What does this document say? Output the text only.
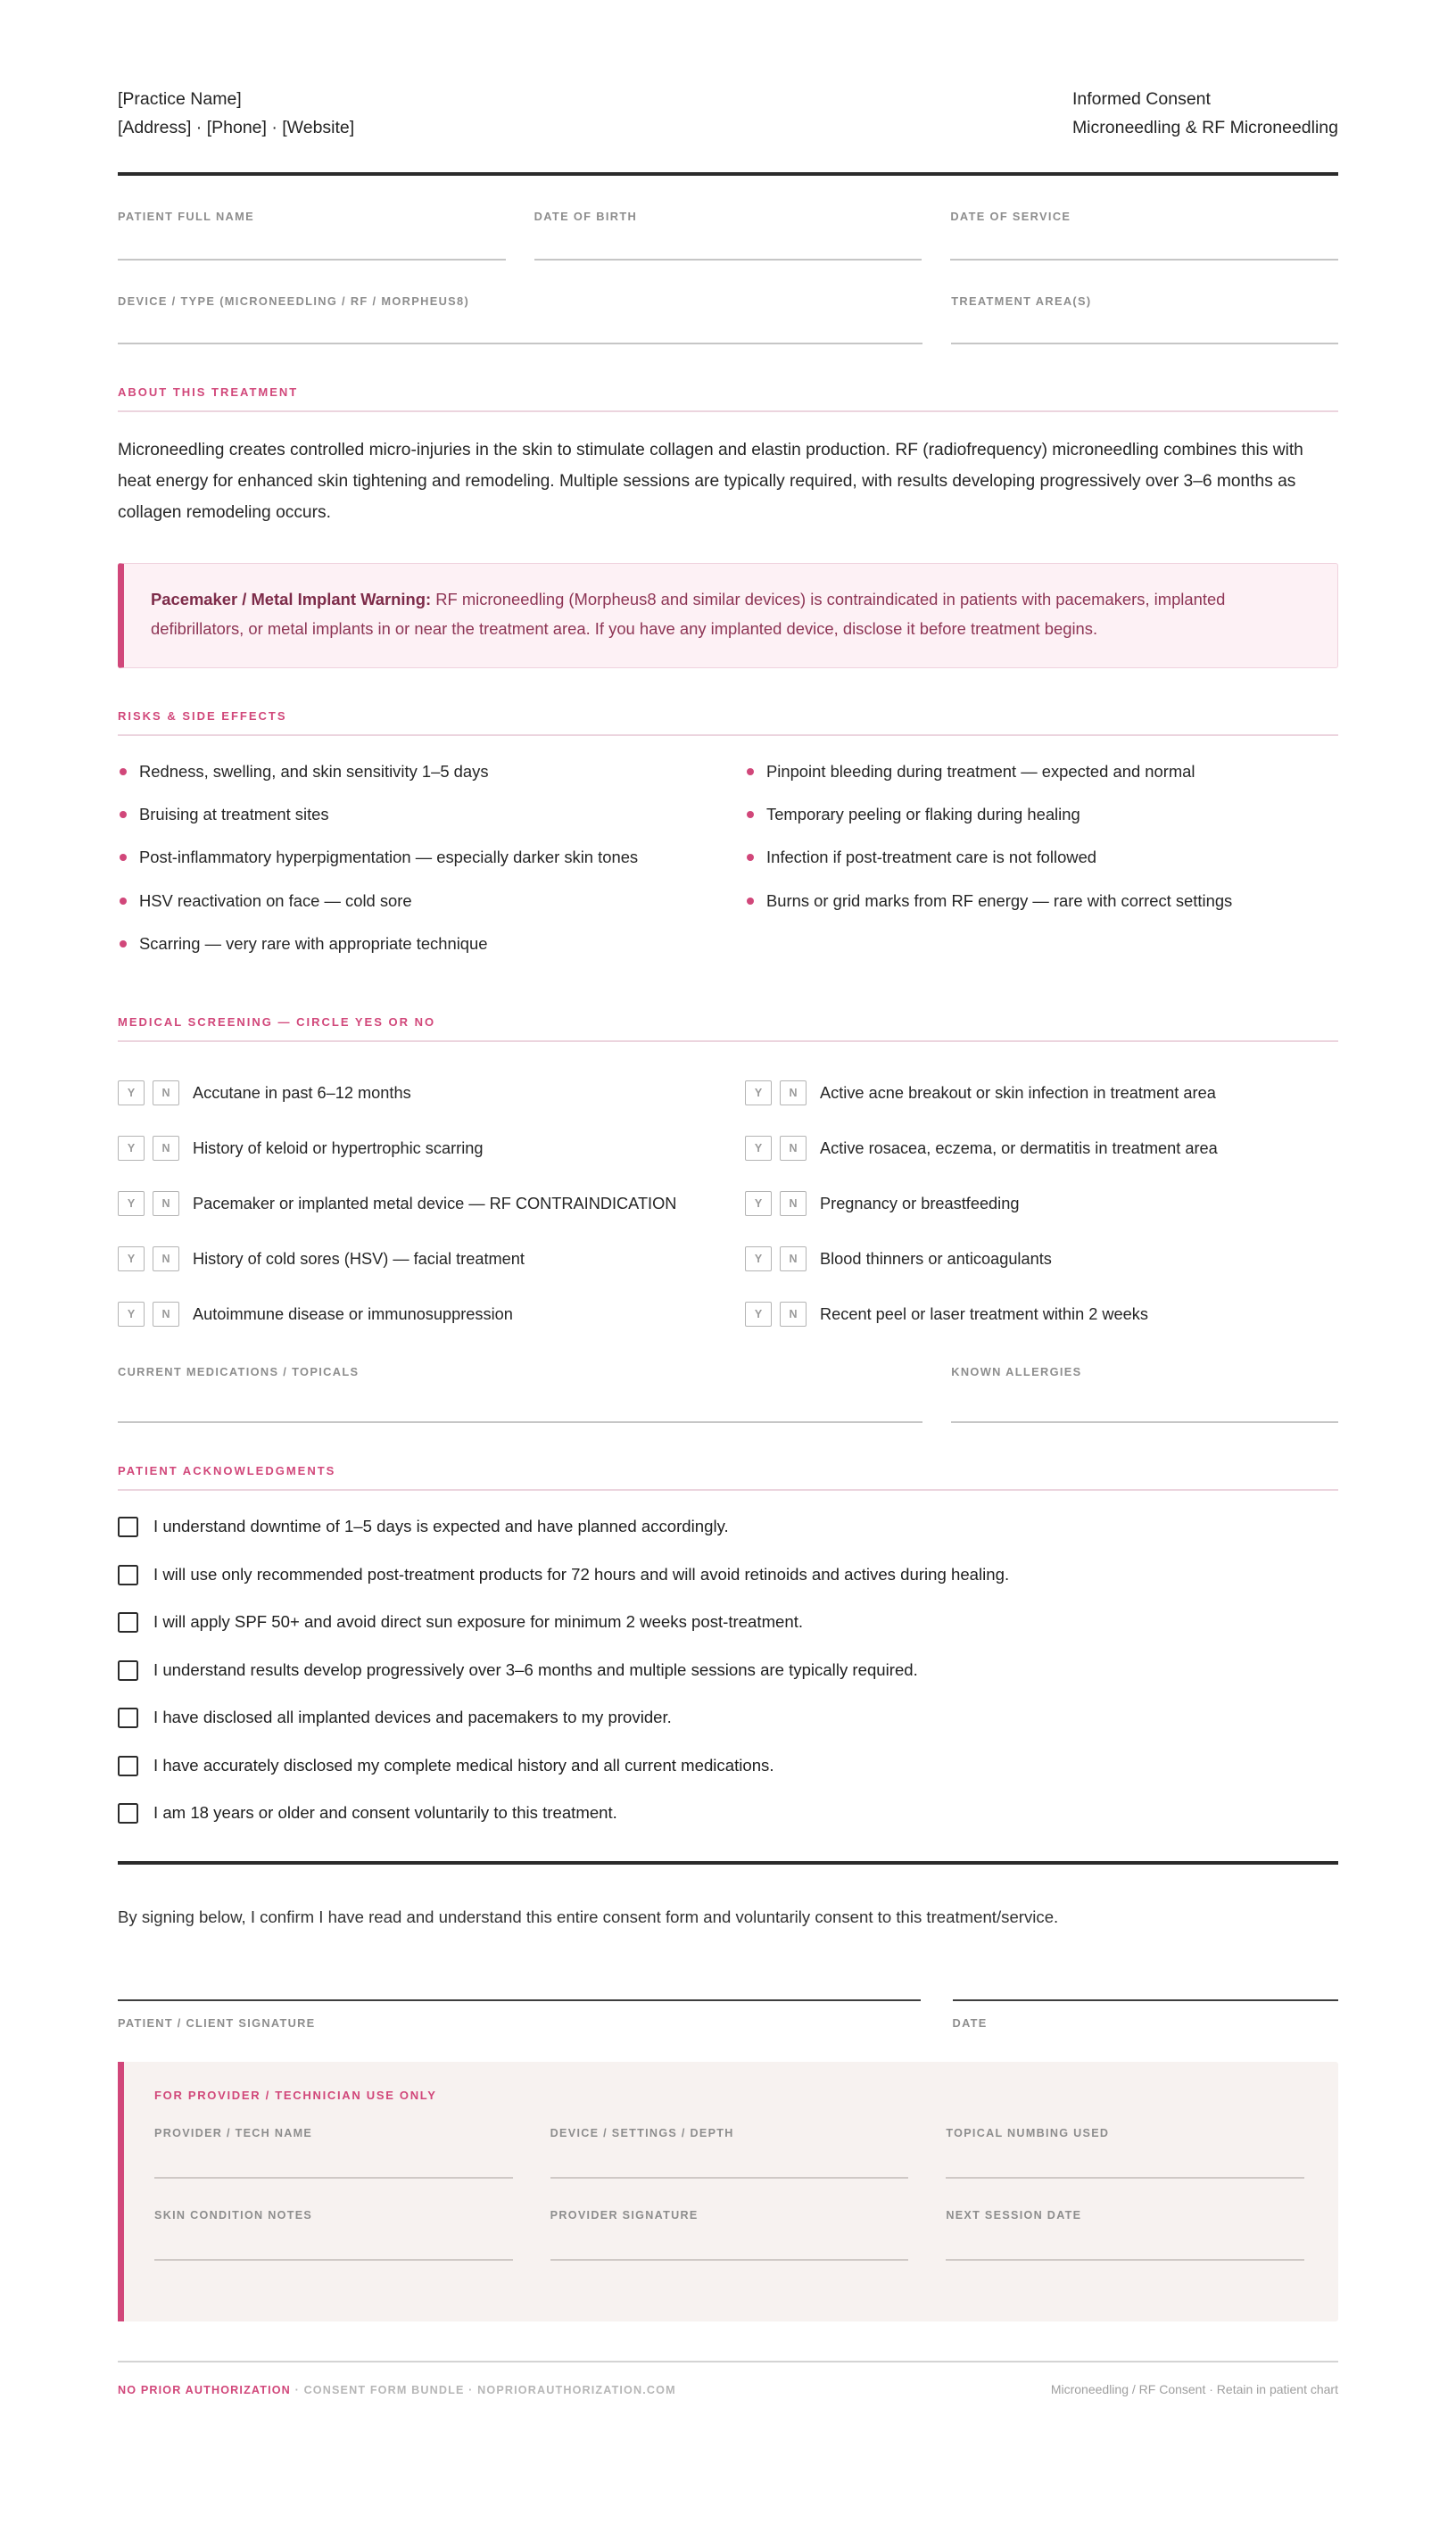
[Practice Name]
[Address] · [Phone] · [Website]
Informed Consent
Microneedling & RF Microneedling
PATIENT FULL NAME	DATE OF BIRTH	DATE OF SERVICE
DEVICE / TYPE (MICRONEEDLING / RF / MORPHEUS8)	TREATMENT AREA(S)
ABOUT THIS TREATMENT

Microneedling creates controlled micro-injuries in the skin to stimulate collagen and elastin production. RF (radiofrequency) microneedling combines this with heat energy for enhanced skin tightening and remodeling. Multiple sessions are typically required, with results developing progressively over 3–6 months as collagen remodeling occurs.

Pacemaker / Metal Implant Warning: RF microneedling (Morpheus8 and similar devices) is contraindicated in patients with pacemakers, implanted defibrillators, or metal implants in or near the treatment area. If you have any implanted device, disclose it before treatment begins.

RISKS & SIDE EFFECTS
Redness, swelling, and skin sensitivity 1–5 days
Bruising at treatment sites
Post-inflammatory hyperpigmentation — especially darker skin tones
HSV reactivation on face — cold sore
Scarring — very rare with appropriate technique
Pinpoint bleeding during treatment — expected and normal
Temporary peeling or flaking during healing
Infection if post-treatment care is not followed
Burns or grid marks from RF energy — rare with correct settings
MEDICAL SCREENING — CIRCLE YES OR NO
Y	N	Accutane in past 6–12 months
Y	N	History of keloid or hypertrophic scarring
Y	N	Pacemaker or implanted metal device — RF CONTRAINDICATION
Y	N	History of cold sores (HSV) — facial treatment
Y	N	Autoimmune disease or immunosuppression
Y	N	Active acne breakout or skin infection in treatment area
Y	N	Active rosacea, eczema, or dermatitis in treatment area
Y	N	Pregnancy or breastfeeding
Y	N	Blood thinners or anticoagulants
Y	N	Recent peel or laser treatment within 2 weeks
CURRENT MEDICATIONS / TOPICALS	KNOWN ALLERGIES
PATIENT ACKNOWLEDGMENTS
I understand downtime of 1–5 days is expected and have planned accordingly.
I will use only recommended post-treatment products for 72 hours and will avoid retinoids and actives during healing.
I will apply SPF 50+ and avoid direct sun exposure for minimum 2 weeks post-treatment.
I understand results develop progressively over 3–6 months and multiple sessions are typically required.
I have disclosed all implanted devices and pacemakers to my provider.
I have accurately disclosed my complete medical history and all current medications.
I am 18 years or older and consent voluntarily to this treatment.

By signing below, I confirm I have read and understand this entire consent form and voluntarily consent to this treatment/service.

PATIENT / CLIENT SIGNATURE	DATE
FOR PROVIDER / TECHNICIAN USE ONLY
PROVIDER / TECH NAME	DEVICE / SETTINGS / DEPTH	TOPICAL NUMBING USED
SKIN CONDITION NOTES	PROVIDER SIGNATURE	NEXT SESSION DATE
NO PRIOR AUTHORIZATION · CONSENT FORM BUNDLE · NOPRIORAUTHORIZATION.COM	Microneedling / RF Consent · Retain in patient chart
